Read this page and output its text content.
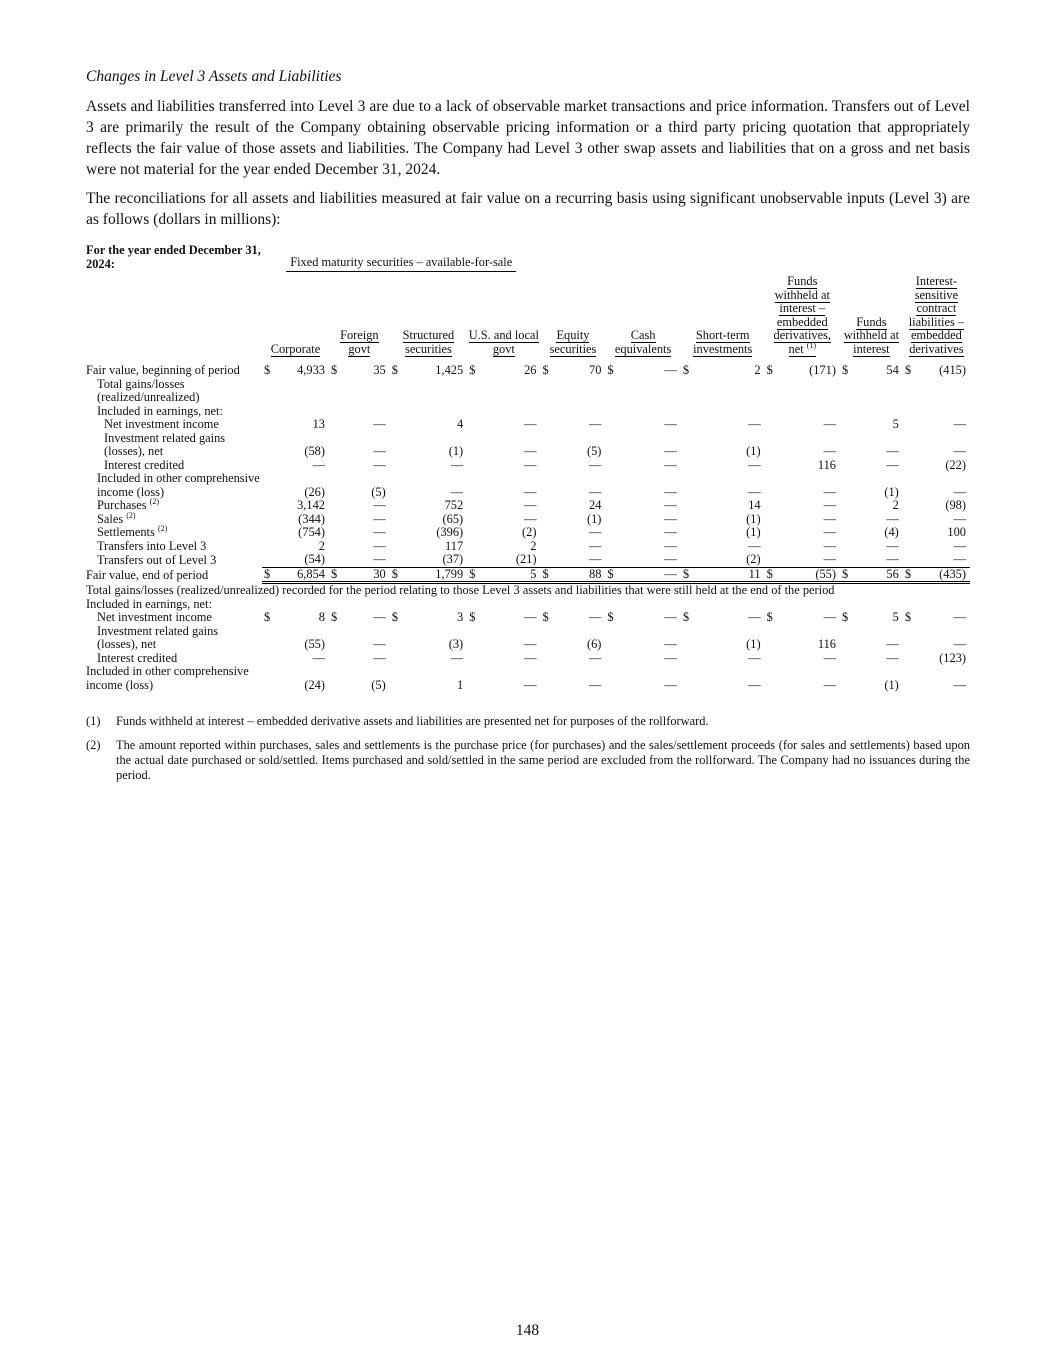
Changes in Level 3 Assets and Liabilities

Assets and liabilities transferred into Level 3 are due to a lack of observable market transactions and price information. Transfers out of Level 3 are primarily the result of the Company obtaining observable pricing information or a third party pricing quotation that appropriately reflects the fair value of those assets and liabilities. The Company had Level 3 other swap assets and liabilities that on a gross and net basis were not material for the year ended December 31, 2024.

The reconciliations for all assets and liabilities measured at fair value on a recurring basis using significant unobservable inputs (Level 3) are as follows (dollars in millions):

For the year ended December 31, 2024:	Fixed maturity securities – available-for-sale																			
	Corporate		Foreign govt		Structured securities		U.S. and local govt		Equity securities		Cash equivalents		Short-term investments		Funds withheld at interest – embedded derivatives, net $^{(1)}$		Funds withheld at interest		Interest-sensitive contract liabilities – embedded derivatives	

Fair value, beginning of period	$	4,933	$	35	$	1,425	$	26	$	70	$	—	$	2	$	(171)	$	54	$	(415)
Total gains/losses (realized/unrealized)																				
Included in earnings, net:																				
Net investment income		13		—		4		—		—		—		—		—		5		—
Investment related gains (losses), net		(58)		—		(1)		—		(5)		—		(1)		—		—		—
Interest credited		—		—		—		—		—		—		—		116		—		(22)
Included in other comprehensive income (loss)		(26)		(5)		—		—		—		—		—		—		(1)		—
Purchases $^{(2)}$		3,142		—		752		—		24		—		14		—		2		(98)
Sales $^{(2)}$		(344)		—		(65)		—		(1)		—		(1)		—		—		—
Settlements $^{(2)}$		(754)		—		(396)		(2)		—		—		(1)		—		(4)		100
Transfers into Level 3		2		—		117		2		—		—		—		—		—		—
Transfers out of Level 3		(54)		—		(37)		(21)		—		—		(2)		—		—		—
Fair value, end of period	$	6,854	$	30	$	1,799	$	5	$	88	$	—	$	11	$	(55)	$	56	$	(435)
Total gains/losses (realized/unrealized) recorded for the period relating to those Level 3 assets and liabilities that were still held at the end of the period																				
Included in earnings, net:																				
Net investment income	$	8	$	—	$	3	$	—	$	—	$	—	$	—	$	—	$	5	$	—
Investment related gains (losses), net		(55)		—		(3)		—		(6)		—		(1)		116		—		—
Interest credited		—		—		—		—		—		—		—		—		—		(123)
Included in other comprehensive income (loss)		(24)		(5)		1		—		—		—		—		—		(1)		—
(1)	Funds withheld at interest – embedded derivative assets and liabilities are presented net for purposes of the rollforward.
(2)	The amount reported within purchases, sales and settlements is the purchase price (for purchases) and the sales/settlement proceeds (for sales and settlements) based upon the actual date purchased or sold/settled. Items purchased and sold/settled in the same period are excluded from the rollforward. The Company had no issuances during the period.
148
